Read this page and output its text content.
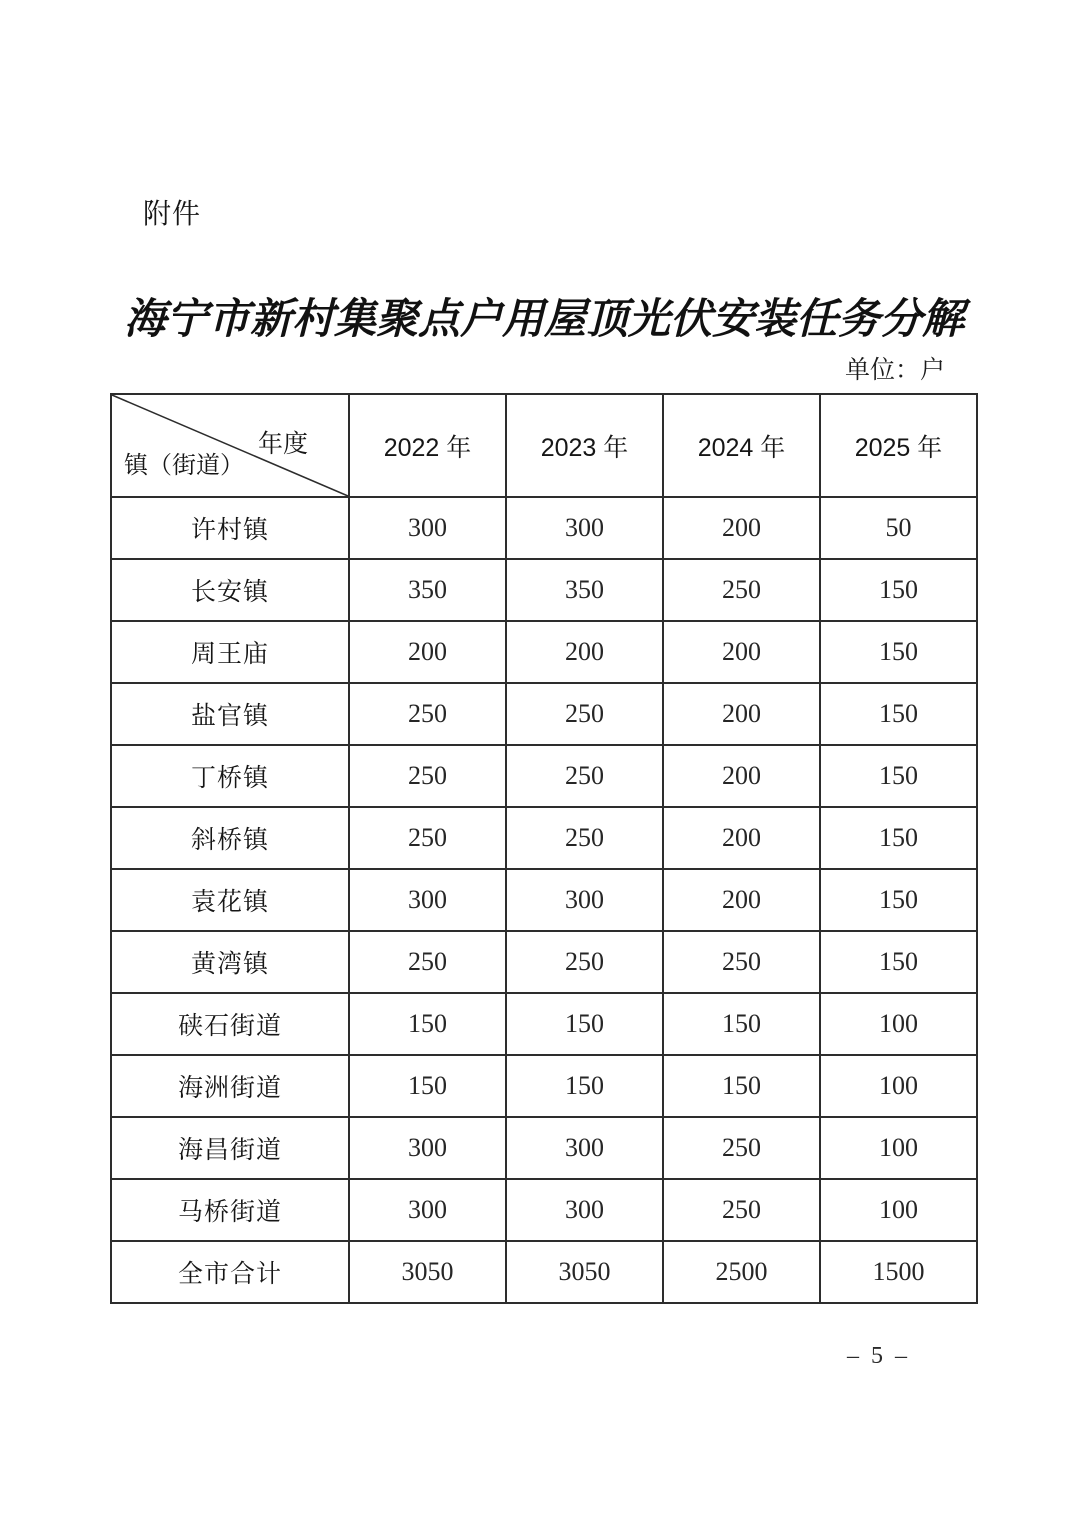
附件
海宁市新村集聚点户用屋顶光伏安装任务分解
单位：户
年度
镇（街道）	2022 年	2023 年	2024 年	2025 年
许村镇	300	300	200	50
长安镇	350	350	250	150
周王庙	200	200	200	150
盐官镇	250	250	200	150
丁桥镇	250	250	200	150
斜桥镇	250	250	200	150
袁花镇	300	300	200	150
黄湾镇	250	250	250	150
硖石街道	150	150	150	100
海洲街道	150	150	150	100
海昌街道	300	300	250	100
马桥街道	300	300	250	100
全市合计	3050	3050	2500	1500
– 5 –
